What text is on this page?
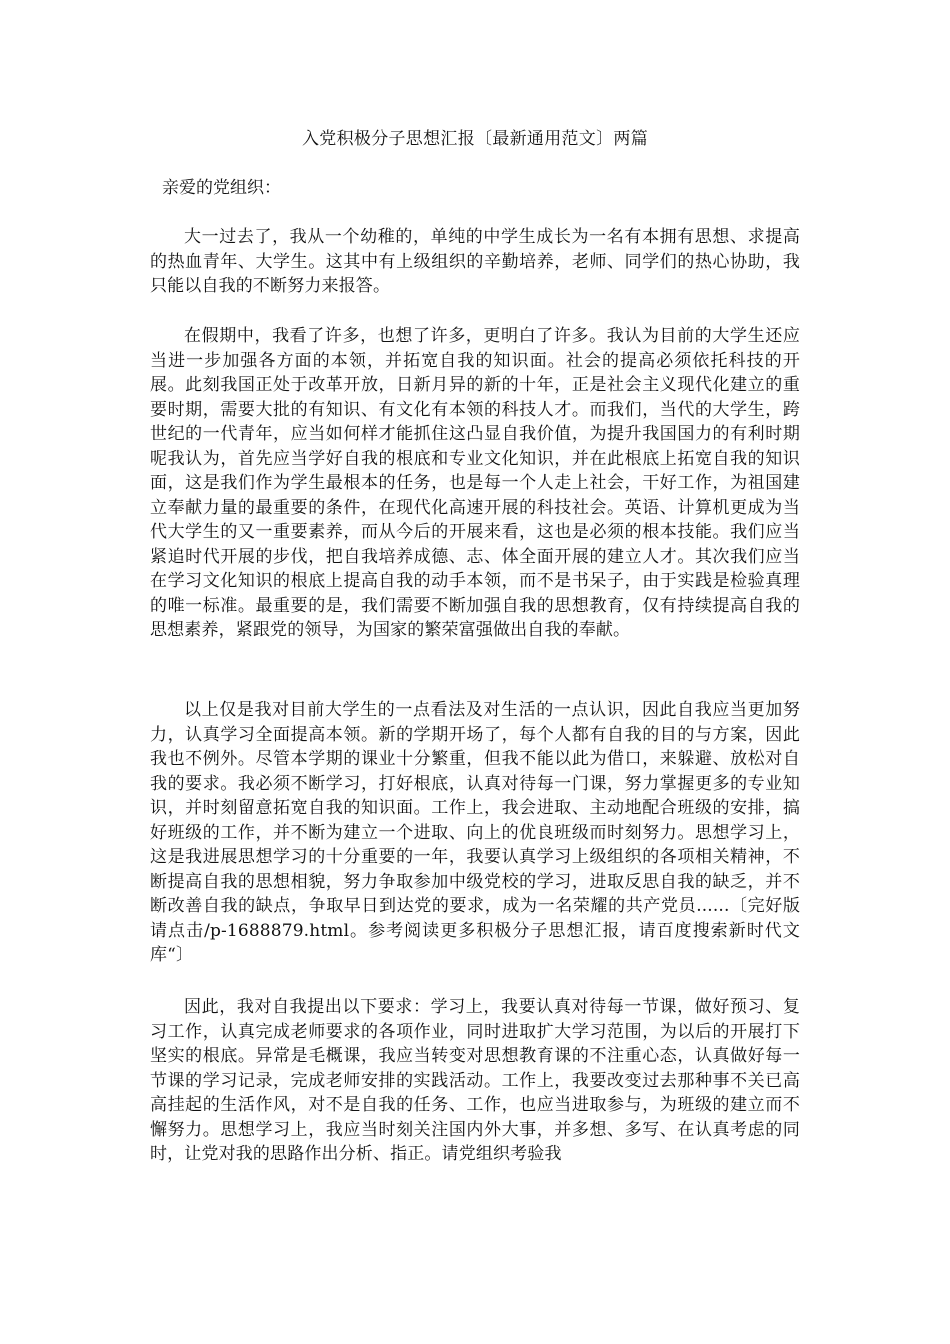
入党积极分子思想汇报〔最新通用范文〕两篇
亲爱的党组织：

大一过去了，我从一个幼稚的，单纯的中学生成长为一名有本拥有思想、求提高的热血青年、大学生。这其中有上级组织的辛勤培养，老师、同学们的热心协助，我只能以自我的不断努力来报答。

在假期中，我看了许多，也想了许多，更明白了许多。我认为目前的大学生还应当进一步加强各方面的本领，并拓宽自我的知识面。社会的提高必须依托科技的开展。此刻我国正处于改革开放，日新月异的新的十年，正是社会主义现代化建立的重要时期，需要大批的有知识、有文化有本领的科技人才。而我们，当代的大学生，跨世纪的一代青年，应当如何样才能抓住这凸显自我价值，为提升我国国力的有利时期呢我认为，首先应当学好自我的根底和专业文化知识，并在此根底上拓宽自我的知识面，这是我们作为学生最根本的任务，也是每一个人走上社会，干好工作，为祖国建立奉献力量的最重要的条件，在现代化高速开展的科技社会。英语、计算机更成为当代大学生的又一重要素养，而从今后的开展来看，这也是必须的根本技能。我们应当紧追时代开展的步伐，把自我培养成德、志、体全面开展的建立人才。其次我们应当在学习文化知识的根底上提高自我的动手本领，而不是书呆子，由于实践是检验真理的唯一标准。最重要的是，我们需要不断加强自我的思想教育，仅有持续提高自我的思想素养，紧跟党的领导，为国家的繁荣富强做出自我的奉献。

以上仅是我对目前大学生的一点看法及对生活的一点认识，因此自我应当更加努力，认真学习全面提高本领。新的学期开场了，每个人都有自我的目的与方案，因此我也不例外。尽管本学期的课业十分繁重，但我不能以此为借口，来躲避、放松对自我的要求。我必须不断学习，打好根底，认真对待每一门课，努力掌握更多的专业知识，并时刻留意拓宽自我的知识面。工作上，我会进取、主动地配合班级的安排，搞好班级的工作，并不断为建立一个进取、向上的优良班级而时刻努力。思想学习上，这是我进展思想学习的十分重要的一年，我要认真学习上级组织的各项相关精神，不断提高自我的思想相貌，努力争取参加中级党校的学习，进取反思自我的缺乏，并不断改善自我的缺点，争取早日到达党的要求，成为一名荣耀的共产党员......〔完好版请点击/p-1688879.html。参考阅读更多积极分子思想汇报，请百度搜索新时代文库“〕

因此，我对自我提出以下要求：学习上，我要认真对待每一节课，做好预习、复习工作，认真完成老师要求的各项作业，同时进取扩大学习范围，为以后的开展打下坚实的根底。异常是毛概课，我应当转变对思想教育课的不注重心态，认真做好每一节课的学习记录，完成老师安排的实践活动。工作上，我要改变过去那种事不关已高高挂起的生活作风，对不是自我的任务、工作，也应当进取参与，为班级的建立而不懈努力。思想学习上，我应当时刻关注国内外大事，并多想、多写、在认真考虑的同时，让党对我的思路作出分析、指正。请党组织考验我
